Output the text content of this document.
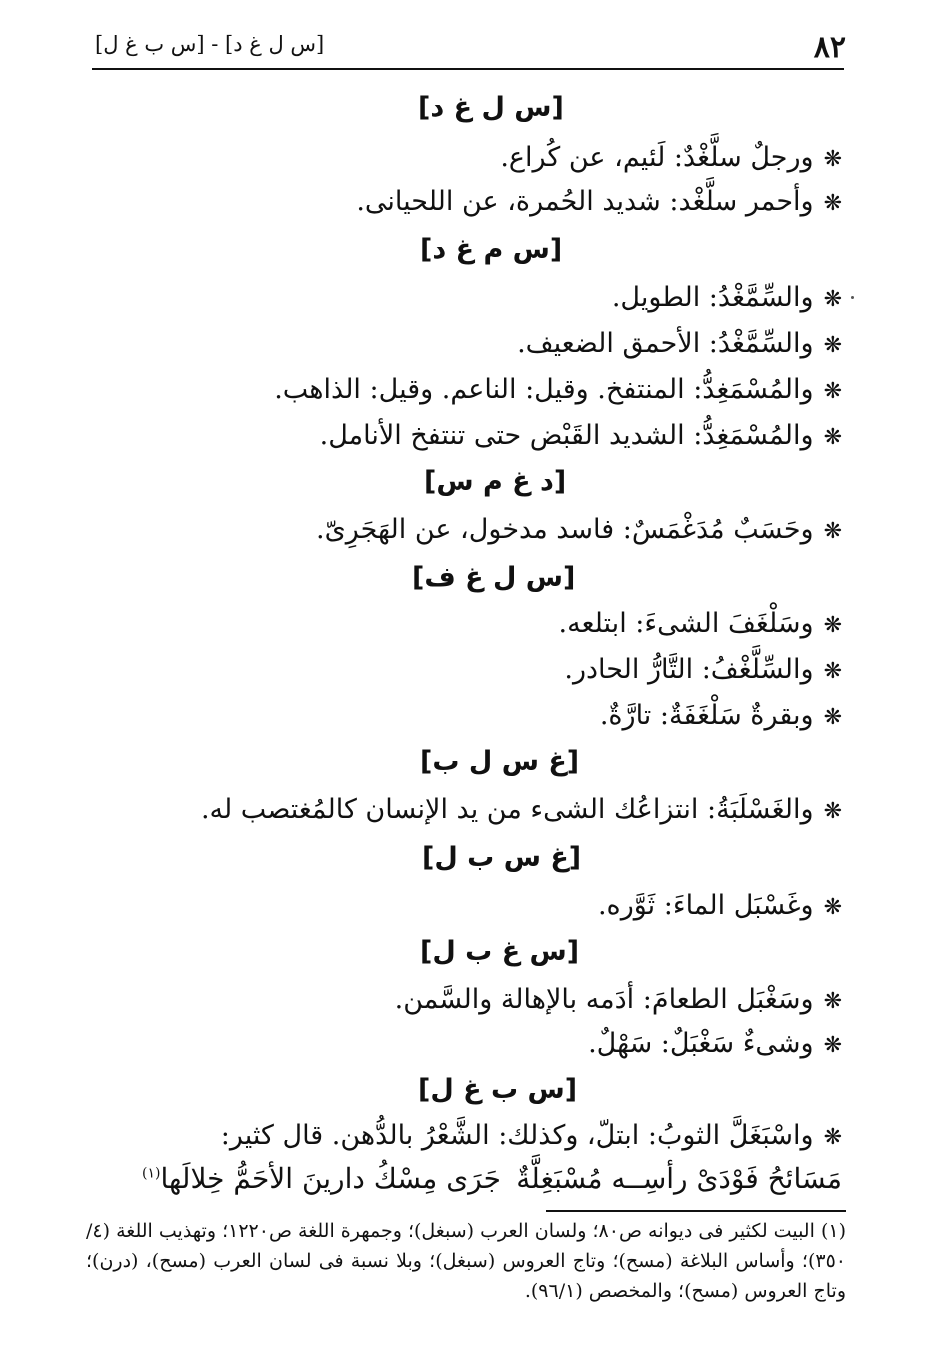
٨٢
[س ل غ د] - [س ب غ ل]
[س ل غ د]
❋ورجلٌ سلَّغْدٌ: لَئيم، عن كُراع.
❋وأحمر سلَّغْد: شديد الحُمرة، عن اللحيانى.
[س م غ د]
❋والسِّمَّغْدُ: الطويل.
❋والسِّمَّغْدُ: الأحمق الضعيف.
❋والمُسْمَغِدُّ: المنتفخ. وقيل: الناعم. وقيل: الذاهب.
❋والمُسْمَغِدُّ: الشديد القَبْض حتى تنتفخ الأنامل.
[د غ م س]
❋وحَسَبٌ مُدَغْمَسٌ: فاسد مدخول، عن الهَجَرِىّ.
[س ل غ ف]
❋وسَلْغَفَ الشىءَ: ابتلعه.
❋والسِّلَّغْفُ: التَّارُّ الحادر.
❋وبقرةٌ سَلْغَفَةٌ: تارَّةٌ.
[غ س ل ب]
❋والغَسْلَبَةُ: انتزاعُك الشىء من يد الإنسان كالمُغتصب له.
[غ س ب ل]
❋وغَسْبَل الماءَ: ثَوَّره.
[س غ ب ل]
❋وسَغْبَل الطعامَ: أدَمه بالإهالة والسَّمن.
❋وشىءٌ سَغْبَلٌ: سَهْلٌ.
[س ب غ ل]
❋واسْبَغَلَّ الثوبُ: ابتلّ، وكذلك: الشَّعْرُ بالدُّهن. قال كثير:
مَسَائحُ فَوْدَىْ رأسِــه مُسْبَغِلَّةٌ
جَرَى مِسْكُ دارينَ الأحَمُّ خِلالَها$^{(١)}$
(١) البيت لكثير فى ديوانه ص٨٠؛ ولسان العرب (سبغل)؛ وجمهرة اللغة ص١٢٢٠؛ وتهذيب اللغة (٤/ ٣٥٠)؛ وأساس البلاغة (مسح)؛ وتاج العروس (سبغل)؛ وبلا نسبة فى لسان العرب (مسح)، (درن)؛ وتاج العروس (مسح)؛ والمخصص (٩٦/١).
